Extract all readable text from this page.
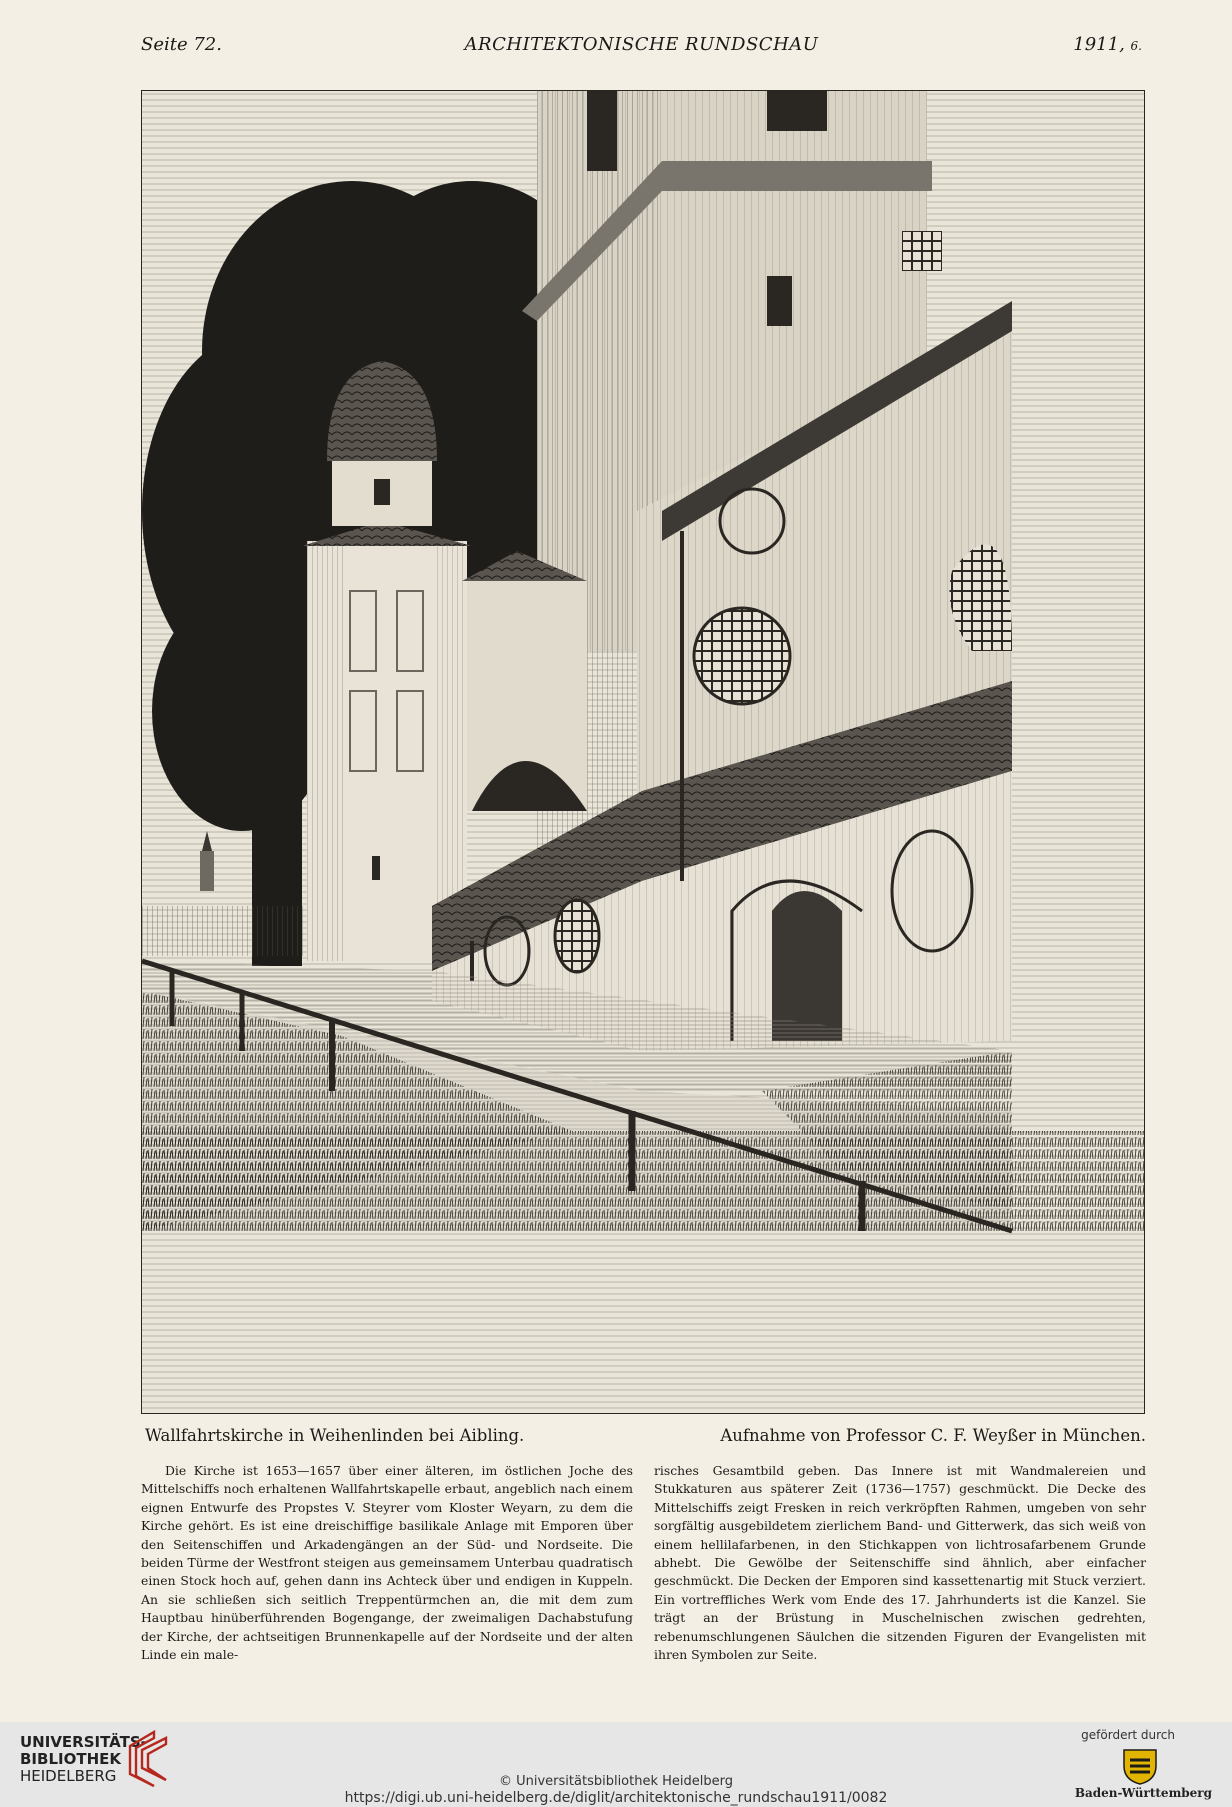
Seite 72.	ARCHITEKTONISCHE RUNDSCHAU	1911, 6.
Wallfahrtskirche in Weihenlinden bei Aibling.	Aufnahme von Professor C. F. Weyßer in München.
Die Kirche ist 1653—1657 über einer älteren, im östlichen Joche des Mittelschiffs noch erhaltenen Wallfahrtskapelle erbaut, angeblich nach einem eignen Entwurfe des Propstes V. Steyrer vom Kloster Weyarn, zu dem die Kirche gehört. Es ist eine dreischiffige basilikale Anlage mit Emporen über den Seitenschiffen und Arkadengängen an der Süd- und Nordseite. Die beiden Türme der Westfront steigen aus gemeinsamem Unterbau quadratisch einen Stock hoch auf, gehen dann ins Achteck über und endigen in Kuppeln. An sie schließen sich seitlich Treppentürmchen an, die mit dem zum Hauptbau hinüberführenden Bogengange, der zweimaligen Dachabstufung der Kirche, der achtseitigen Brunnenkapelle auf der Nordseite und der alten Linde ein male-
risches Gesamtbild geben. Das Innere ist mit Wandmalereien und Stukkaturen aus späterer Zeit (1736—1757) geschmückt. Die Decke des Mittelschiffs zeigt Fresken in reich verkröpften Rahmen, umgeben von sehr sorgfältig ausgebildetem zierlichem Band- und Gitterwerk, das sich weiß von einem hellilafarbenen, in den Stichkappen von lichtrosafarbenem Grunde abhebt. Die Gewölbe der Seitenschiffe sind ähnlich, aber einfacher geschmückt. Die Decken der Emporen sind kassettenartig mit Stuck verziert. Ein vortreffliches Werk vom Ende des 17. Jahrhunderts ist die Kanzel. Sie trägt an der Brüstung in Muschelnischen zwischen gedrehten, rebenumschlungenen Säulchen die sitzenden Figuren der Evangelisten mit ihren Symbolen zur Seite.
UNIVERSITÄTS-
BIBLIOTHEK
HEIDELBERG	© Universitätsbibliothek Heidelberg
https://digi.ub.uni-heidelberg.de/diglit/architektonische_rundschau1911/0082
gefördert durch
Baden-Württemberg
